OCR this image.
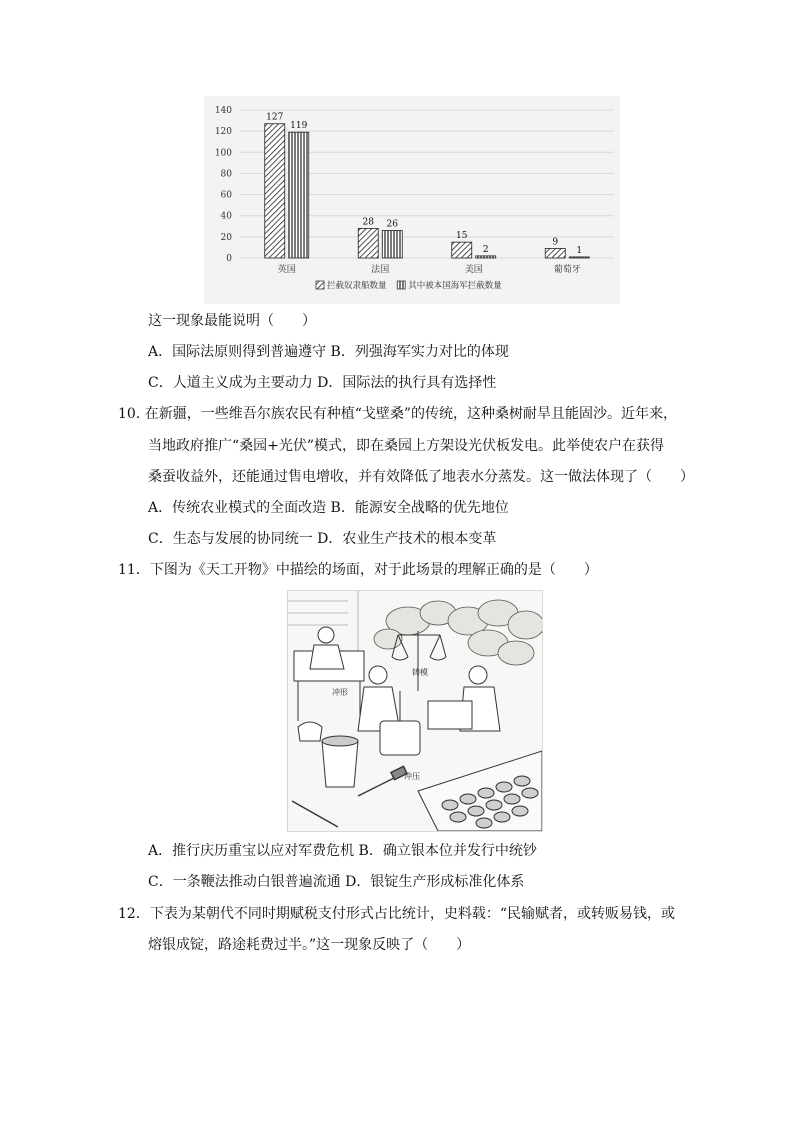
0
20
40
60
80
100
120
140
127
119
英国
28 26
法国
15
2
美国
9
1
葡萄牙
拦截奴隶船数量	其中被本国海军拦截数量
这一现象最能说明（　　）
A．国际法原则得到普遍遵守 B．列强海军实力对比的体现
C．人道主义成为主要动力 D．国际法的执行具有选择性
10. 在新疆，一些维吾尔族农民有种植“戈壁桑”的传统，这种桑树耐旱且能固沙。近年来，
当地政府推广“桑园+光伏”模式，即在桑园上方架设光伏板发电。此举使农户在获得
桑蚕收益外，还能通过售电增收，并有效降低了地表水分蒸发。这一做法体现了（　　）
A．传统农业模式的全面改造 B．能源安全战略的优先地位
C．生态与发展的协同统一 D．农业生产技术的根本变革
11．下图为《天工开物》中描绘的场面，对于此场景的理解正确的是（　　）
铸模
冲形
冲压
A．推行庆历重宝以应对军费危机 B．确立银本位并发行中统钞
C．一条鞭法推动白银普遍流通 D．银锭生产形成标准化体系
12．下表为某朝代不同时期赋税支付形式占比统计，史料载：“民输赋者，或转贩易钱，或
熔银成锭，路途耗费过半。”这一现象反映了（　　）
